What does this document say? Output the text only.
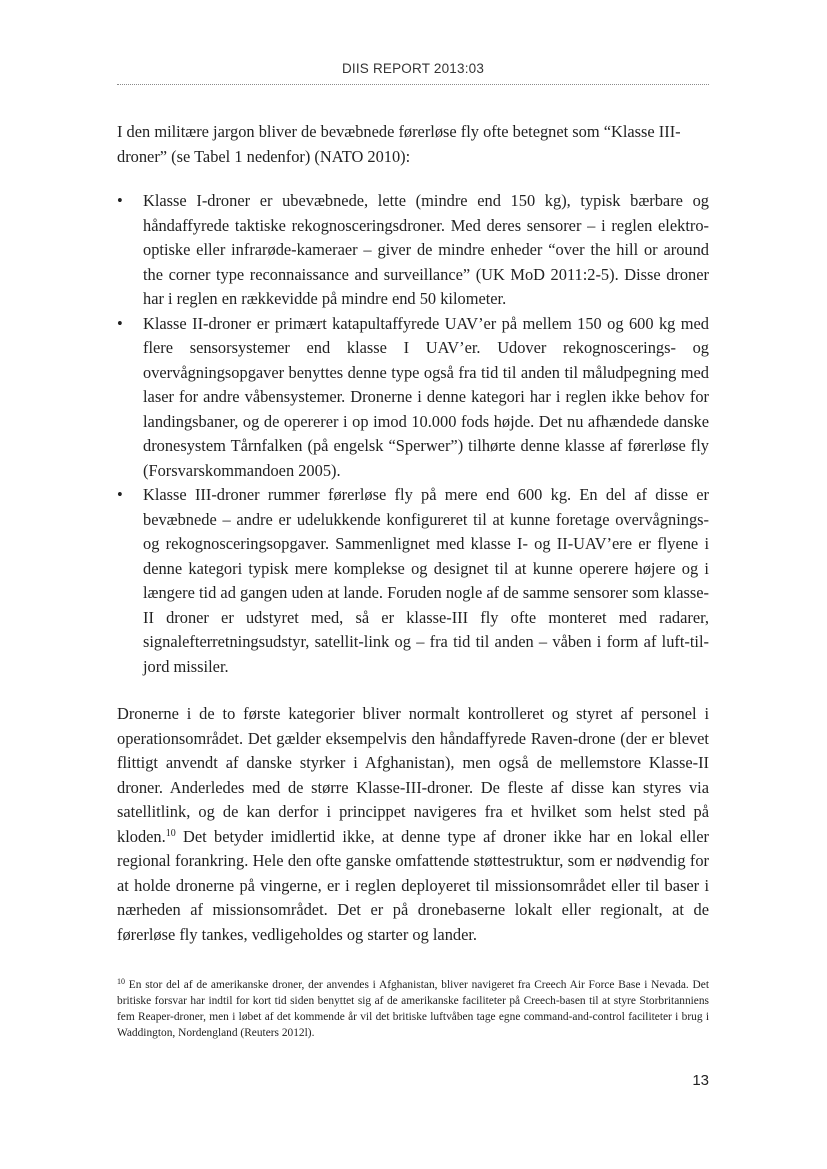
DIIS REPORT 2013:03

I den militære jargon bliver de bevæbnede førerløse fly ofte betegnet som “Klasse III-droner” (se Tabel 1 nedenfor) (NATO 2010):

•	Klasse I-droner er ubevæbnede, lette (mindre end 150 kg), typisk bærbare og håndaffyrede taktiske rekognosceringsdroner. Med deres sensorer – i reglen elektro-optiske eller infrarøde-kameraer – giver de mindre enheder “over the hill or around the corner type reconnaissance and surveillance” (UK MoD 2011:2-5). Disse droner har i reglen en rækkevidde på mindre end 50 kilometer.
•	Klasse II-droner er primært katapultaffyrede UAV’er på mellem 150 og 600 kg med flere sensorsystemer end klasse I UAV’er. Udover rekognoscerings- og overvågningsopgaver benyttes denne type også fra tid til anden til måludpegning med laser for andre våbensystemer. Dronerne i denne kategori har i reglen ikke behov for landingsbaner, og de opererer i op imod 10.000 fods højde. Det nu afhændede danske dronesystem Tårnfalken (på engelsk “Sperwer”) tilhørte denne klasse af førerløse fly (Forsvarskommandoen 2005).
•	Klasse III-droner rummer førerløse fly på mere end 600 kg. En del af disse er bevæbnede – andre er udelukkende konfigureret til at kunne foretage overvågnings- og rekognosceringsopgaver. Sammenlignet med klasse I- og II-UAV’ere er flyene i denne kategori typisk mere komplekse og designet til at kunne operere højere og i længere tid ad gangen uden at lande. Foruden nogle af de samme sensorer som klasse-II droner er udstyret med, så er klasse-III fly ofte monteret med radarer, signalefterretningsudstyr, satellit-link og – fra tid til anden – våben i form af luft-til-jord missiler.

Dronerne i de to første kategorier bliver normalt kontrolleret og styret af personel i operationsområdet. Det gælder eksempelvis den håndaffyrede Raven-drone (der er blevet flittigt anvendt af danske styrker i Afghanistan), men også de mellemstore Klasse-II droner. Anderledes med de større Klasse-III-droner. De fleste af disse kan styres via satellitlink, og de kan derfor i princippet navigeres fra et hvilket som helst sted på kloden.$^{10}$ Det betyder imidlertid ikke, at denne type af droner ikke har en lokal eller regional forankring. Hele den ofte ganske omfattende støttestruktur, som er nødvendig for at holde dronerne på vingerne, er i reglen deployeret til missionsområdet eller til baser i nærheden af missionsområdet. Det er på dronebaserne lokalt eller regionalt, at de førerløse fly tankes, vedligeholdes og starter og lander.

$^{10}$ En stor del af de amerikanske droner, der anvendes i Afghanistan, bliver navigeret fra Creech Air Force Base i Nevada. Det britiske forsvar har indtil for kort tid siden benyttet sig af de amerikanske faciliteter på Creech-basen til at styre Storbritanniens fem Reaper-droner, men i løbet af det kommende år vil det britiske luftvåben tage egne command-and-control faciliteter i brug i Waddington, Nordengland (Reuters 2012l).

13
